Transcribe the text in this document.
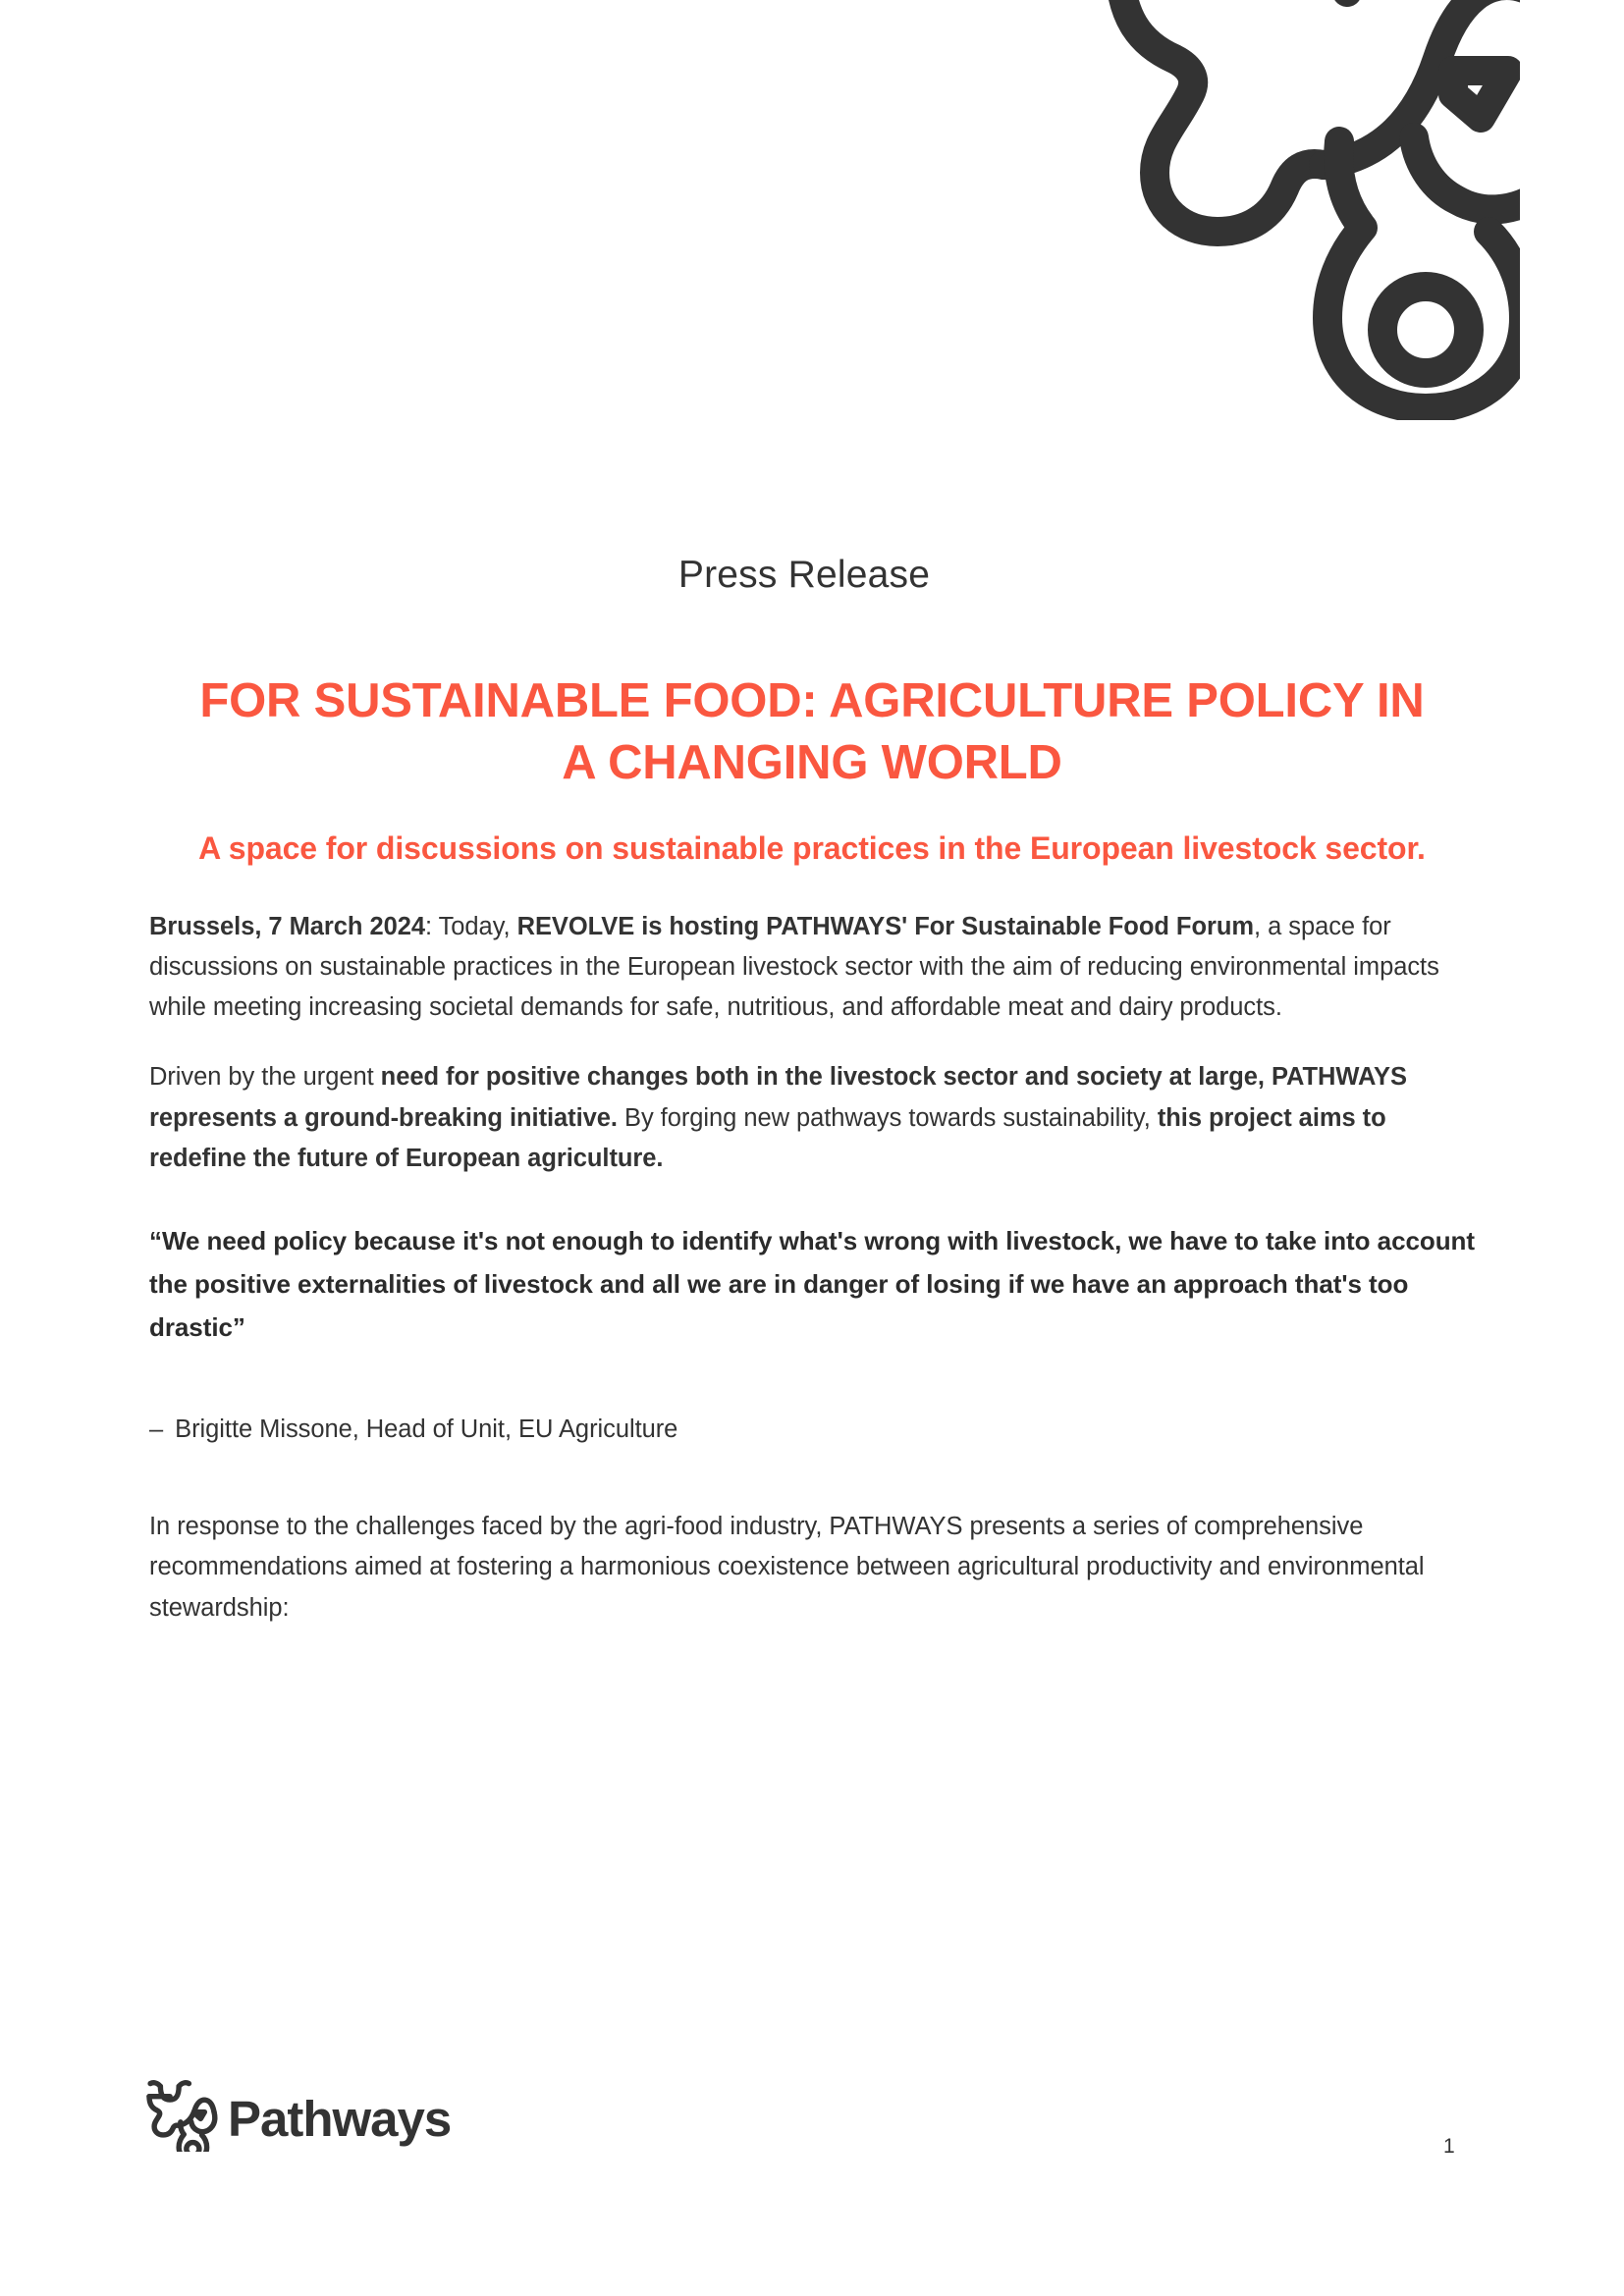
Press Release
FOR SUSTAINABLE FOOD: AGRICULTURE POLICY IN A CHANGING WORLD
A space for discussions on sustainable practices in the European livestock sector.

Brussels, 7 March 2024: Today, REVOLVE is hosting PATHWAYS' For Sustainable Food Forum, a space for discussions on sustainable practices in the European livestock sector with the aim of reducing environmental impacts while meeting increasing societal demands for safe, nutritious, and affordable meat and dairy products.

Driven by the urgent need for positive changes both in the livestock sector and society at large, PATHWAYS represents a ground-breaking initiative. By forging new pathways towards sustainability, this project aims to redefine the future of European agriculture.

“We need policy because it's not enough to identify what's wrong with livestock, we have to take into account the positive externalities of livestock and all we are in danger of losing if we have an approach that's too drastic”

– Brigitte Missone, Head of Unit, EU Agriculture

In response to the challenges faced by the agri-food industry, PATHWAYS presents a series of comprehensive recommendations aimed at fostering a harmonious coexistence between agricultural productivity and environmental stewardship:

Pathways	1
